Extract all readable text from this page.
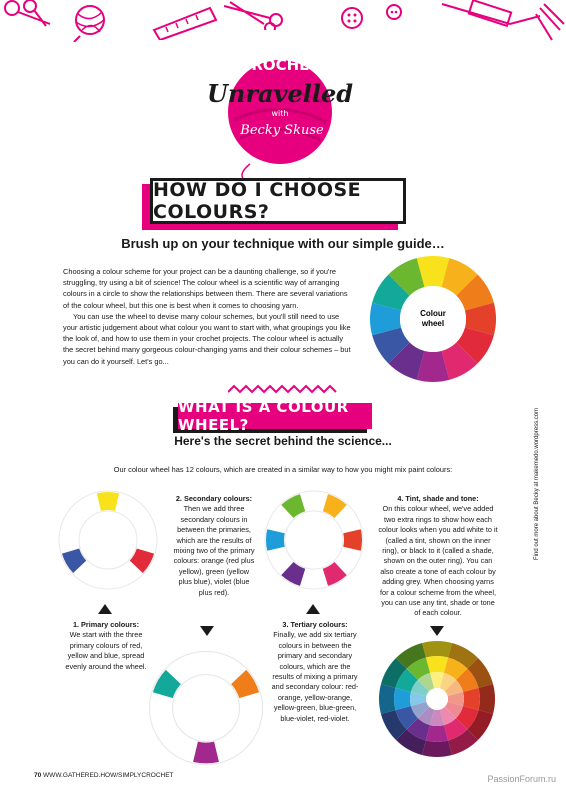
CROCHET
Unravelled
with
Becky Skuse
HOW DO I CHOOSE COLOURS?
Brush up on your technique with our simple guide…

Choosing a colour scheme for your project can be a daunting challenge, so if you're struggling, try using a bit of science! The colour wheel is a scientific way of arranging colours in a circle to show the relationships between them. There are several variations of the colour wheel, but this one is best when it comes to choosing yarn.

You can use the wheel to devise many colour schemes, but you'll still need to use your artistic judgement about what colour you want to start with, what groupings you like the look of, and how to use them in your crochet projects. The colour wheel is actually the secret behind many gorgeous colour-changing yarns and their colour schemes – but you can do it yourself. Let's go...

Colour
wheel
WHAT IS A COLOUR WHEEL?
Here's the secret behind the science...
Our colour wheel has 12 colours, which are created in a similar way to how you might mix paint colours:
1. Primary colours:
We start with the three primary colours of red, yellow and blue, spread evenly around the wheel.
2. Secondary colours:
Then we add three secondary colours in between the primaries, which are the results of mixing two of the primary colours: orange (red plus yellow), green (yellow plus blue), violet (blue plus red).
3. Tertiary colours:
Finally, we add six tertiary colours in between the primary and secondary colours, which are the results of mixing a primary and secondary colour: red-orange, yellow-orange, yellow-green, blue-green, blue-violet, red-violet.
4. Tint, shade and tone:
On this colour wheel, we've added two extra rings to show how each colour looks when you add white to it (called a tint, shown on the inner ring), or black to it (called a shade, shown on the outer ring). You can also create a tone of each colour by adding grey. When choosing yarns for a colour scheme from the wheel, you can use any tint, shade or tone of each colour.
70 WWW.GATHERED.HOW/SIMPLYCROCHET
Find out more about Becky at makemedo.wordpress.com
PassionForum.ru
